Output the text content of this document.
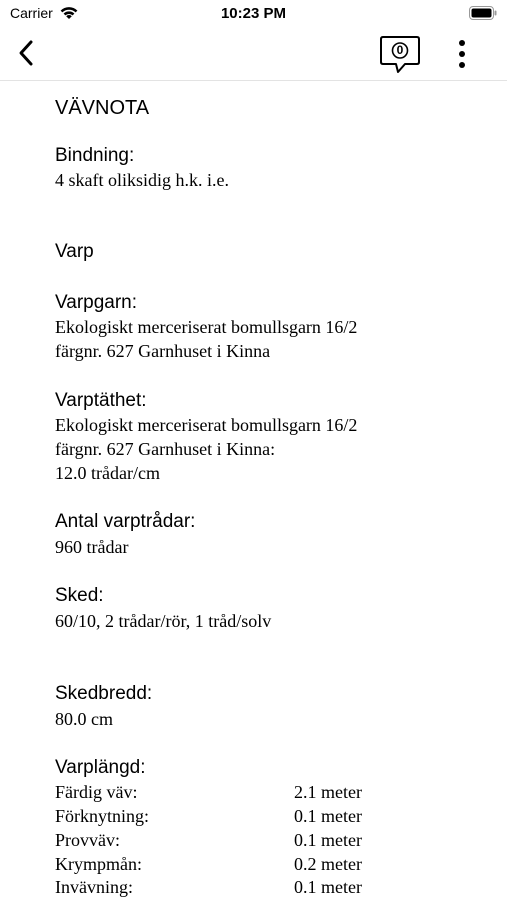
Carrier	10:23 PM
0
VÄVNOTA
Bindning:
4 skaft oliksidig h.k. i.e.
Varp
Varpgarn:
Ekologiskt merceriserat bomullsgarn 16/2
färgnr. 627 Garnhuset i Kinna
Varptäthet:
Ekologiskt merceriserat bomullsgarn 16/2
färgnr. 627 Garnhuset i Kinna:
12.0 trådar/cm
Antal varptrådar:
960 trådar
Sked:
60/10, 2 trådar/rör, 1 tråd/solv
Skedbredd:
80.0 cm
Varplängd:
Färdig väv:	2.1 meter
Förknytning:	0.1 meter
Provväv:	0.1 meter
Krympmån:	0.2 meter
Invävning:	0.1 meter
